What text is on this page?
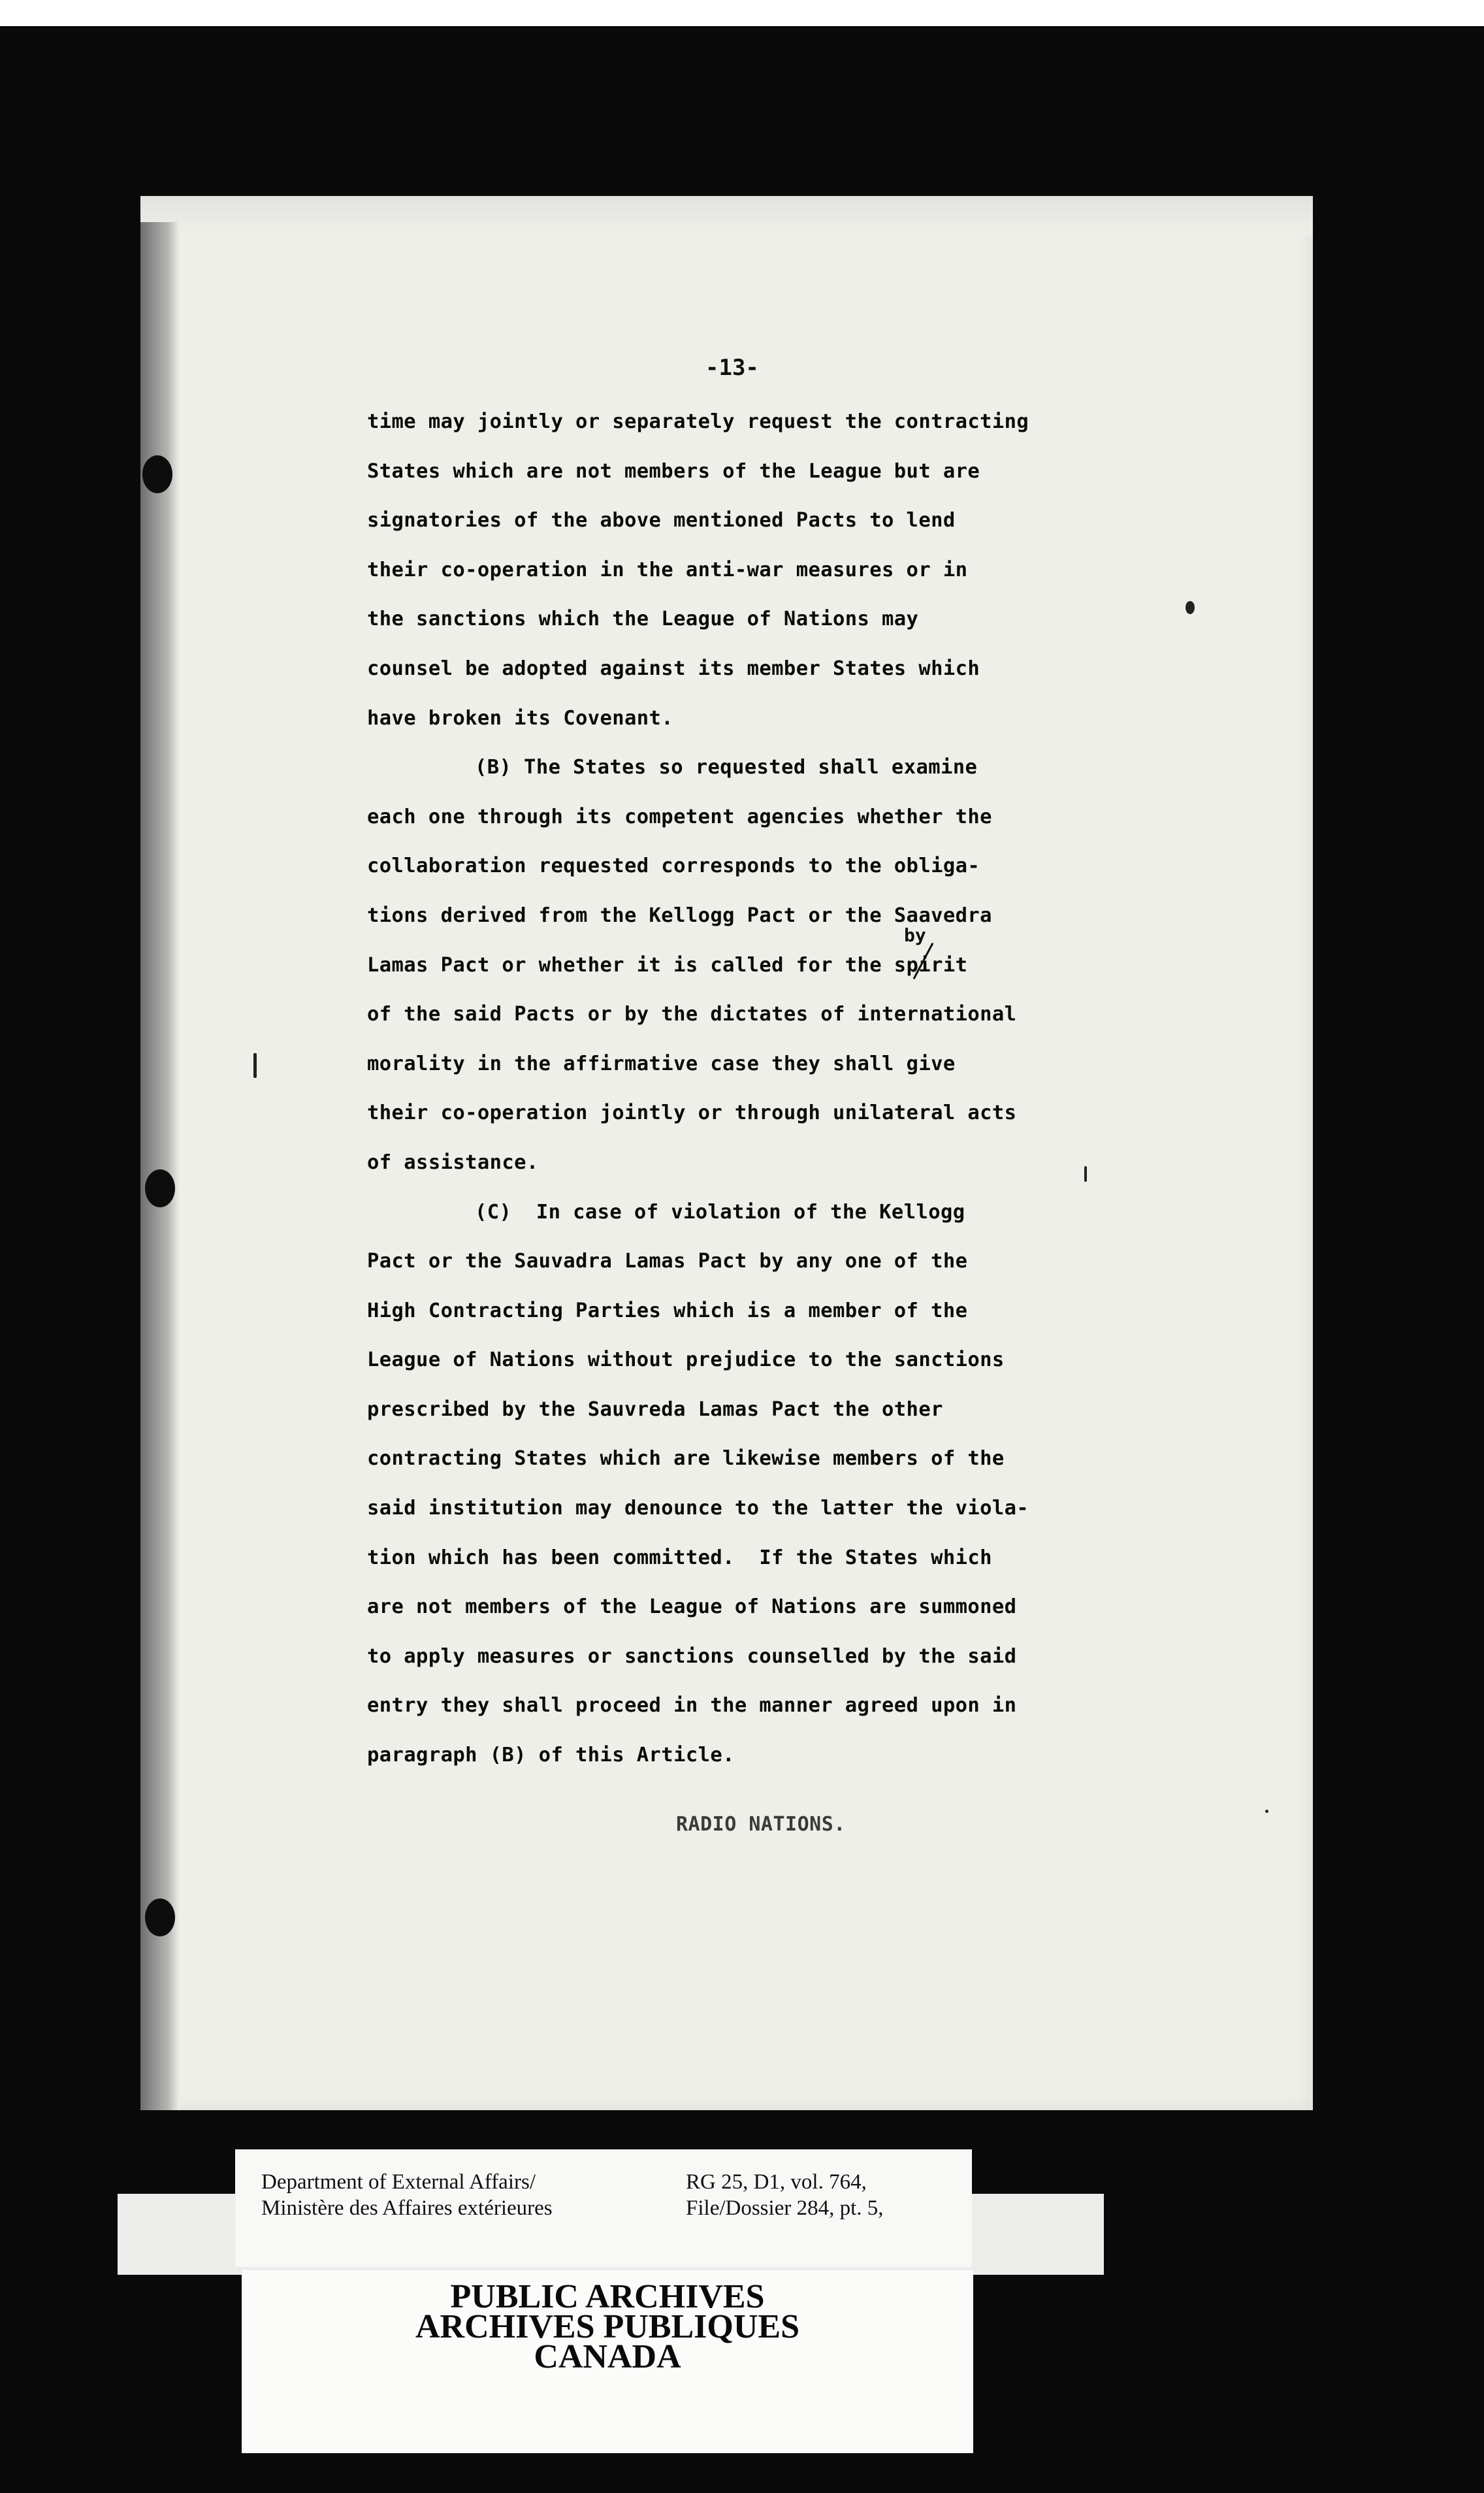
-13-
time may jointly or separately request the contracting
States which are not members of the League but are
signatories of the above mentioned Pacts to lend
their co-operation in the anti-war measures or in
the sanctions which the League of Nations may
counsel be adopted against its member States which
have broken its Covenant.
(B) The States so requested shall examine
each one through its competent agencies whether the
collaboration requested corresponds to the obliga-
tions derived from the Kellogg Pact or the Saavedra
Lamas Pact or whether it is called for the spirit
of the said Pacts or by the dictates of international
morality in the affirmative case they shall give
their co-operation jointly or through unilateral acts
of assistance.
(C)  In case of violation of the Kellogg
Pact or the Sauvadra Lamas Pact by any one of the
High Contracting Parties which is a member of the
League of Nations without prejudice to the sanctions
prescribed by the Sauvreda Lamas Pact the other
contracting States which are likewise members of the
said institution may denounce to the latter the viola-
tion which has been committed.  If the States which
are not members of the League of Nations are summoned
to apply measures or sanctions counselled by the said
entry they shall proceed in the manner agreed upon in
paragraph (B) of this Article.
by
RADIO NATIONS.
Department of External Affairs/
Ministère des Affaires extérieures
RG 25, D1, vol. 764,
File/Dossier 284, pt. 5,
PUBLIC ARCHIVES
ARCHIVES PUBLIQUES
CANADA
